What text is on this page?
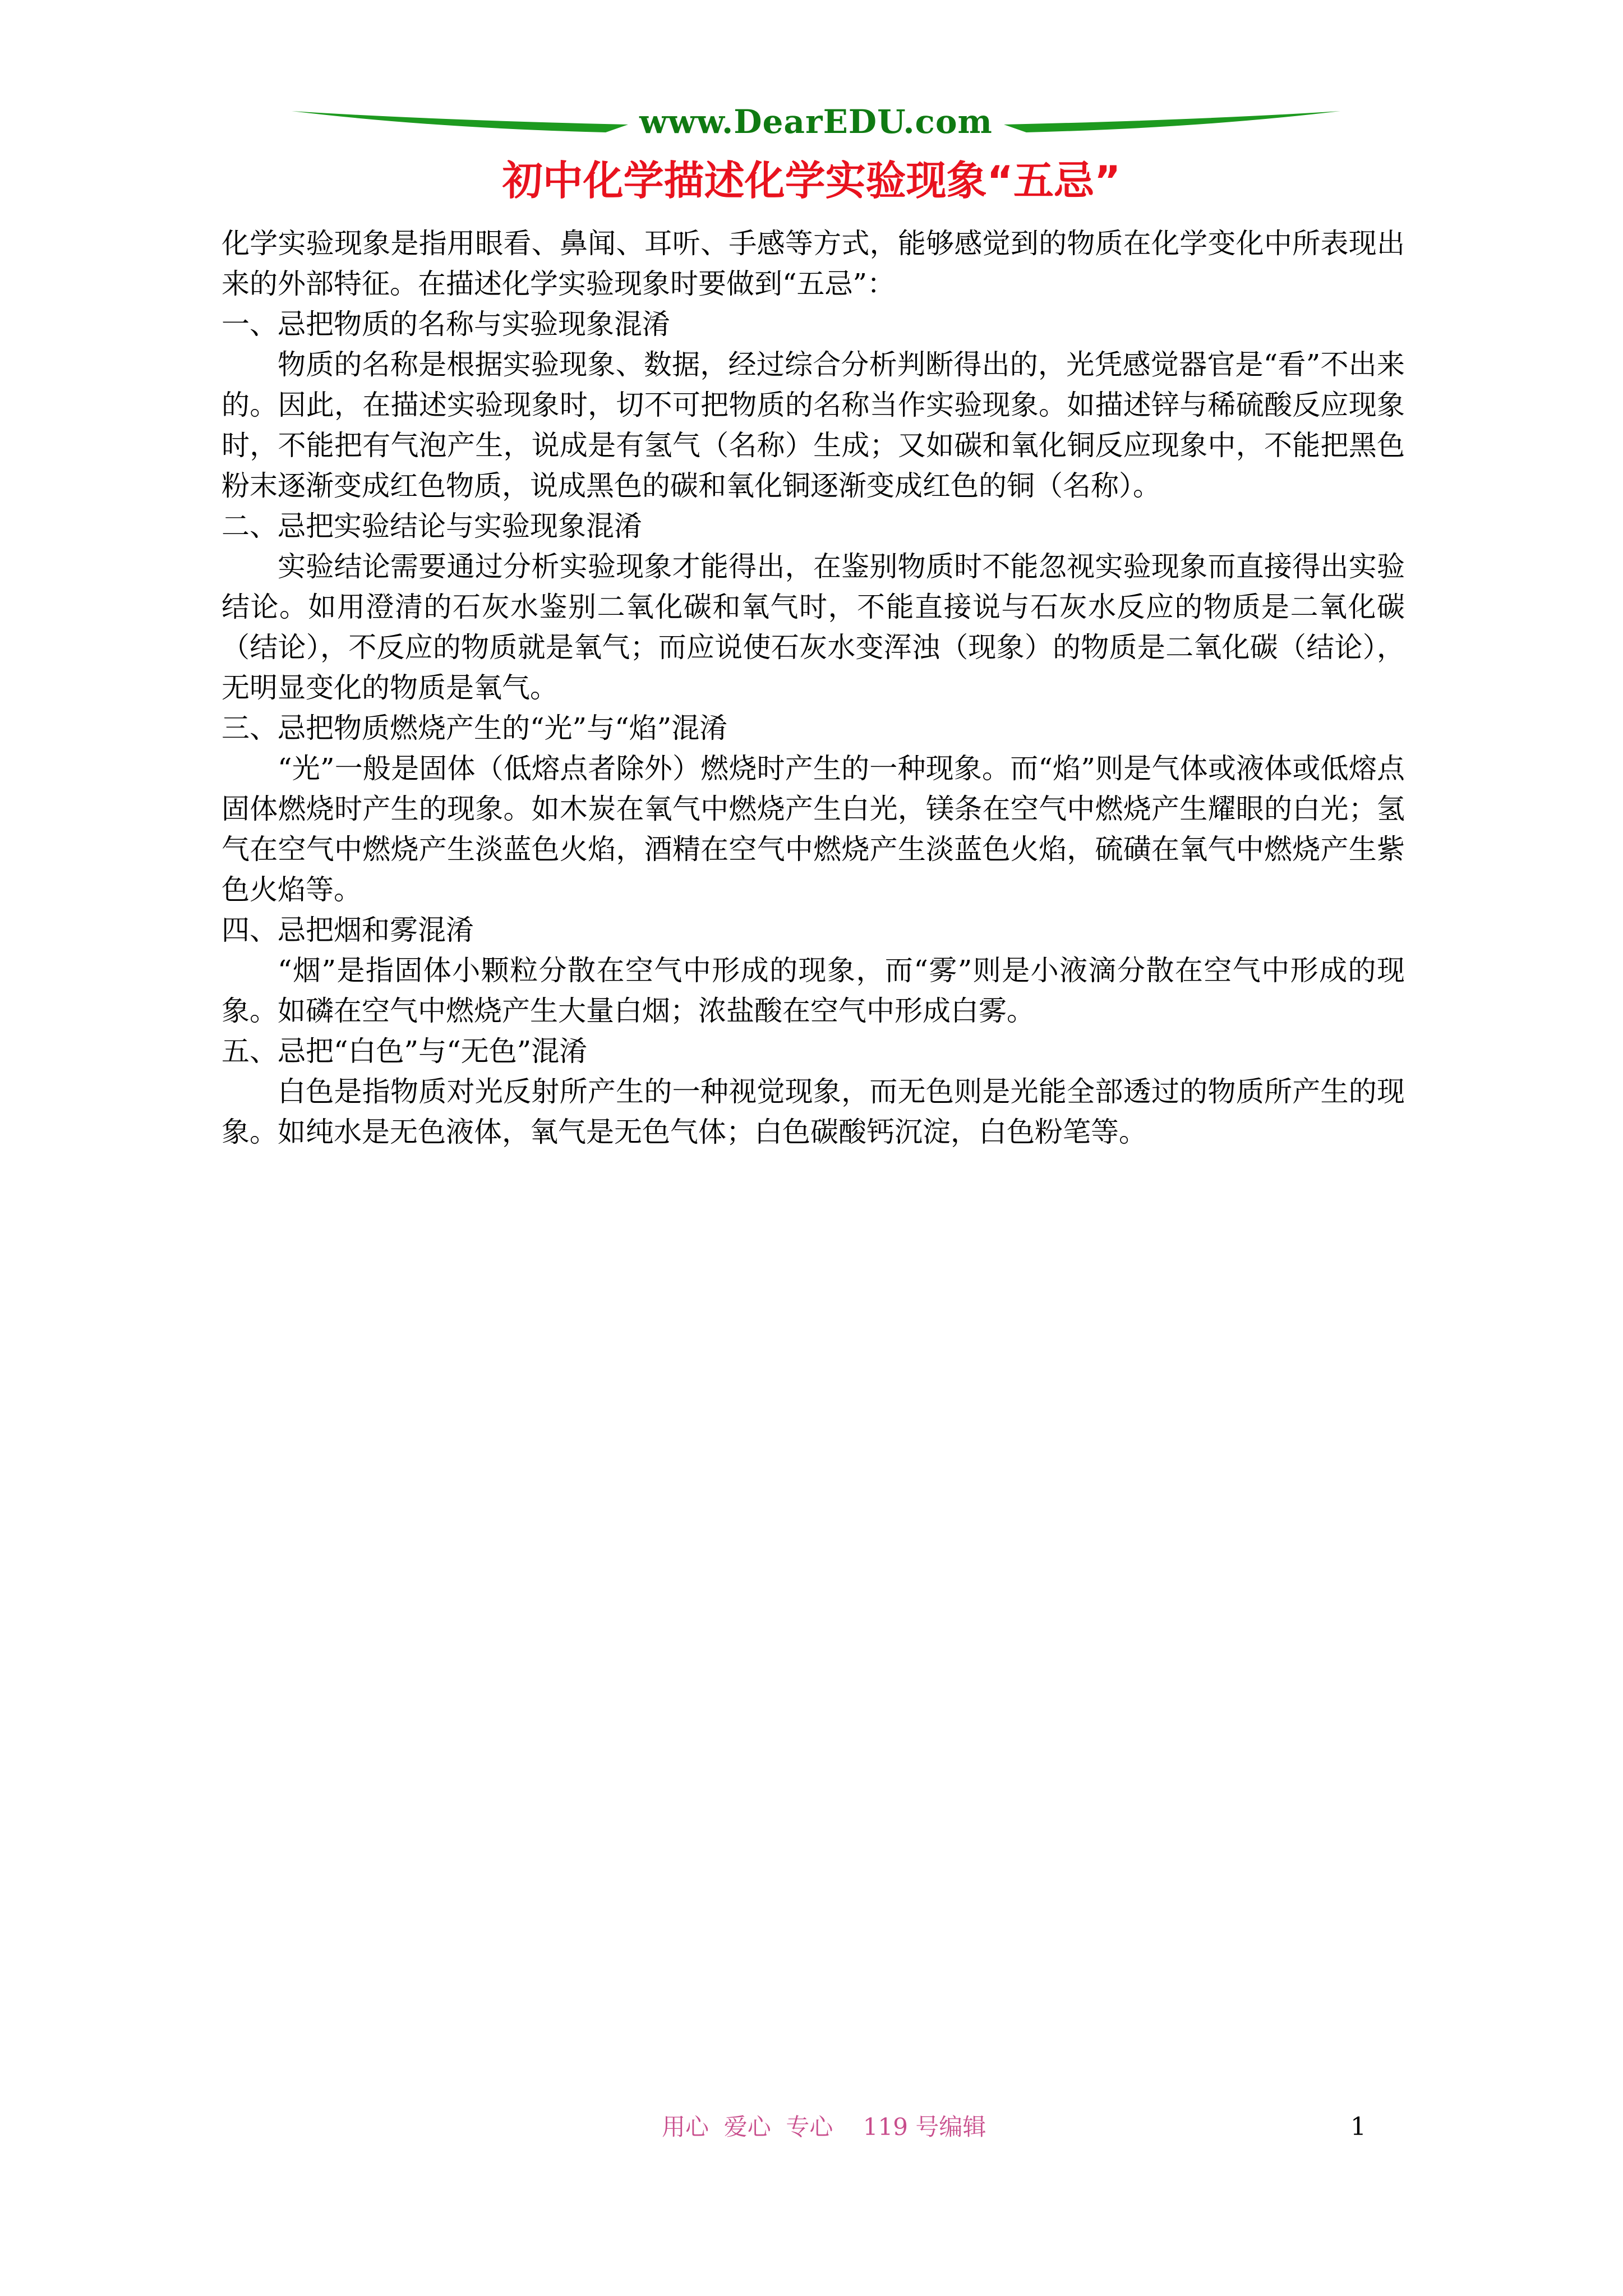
www.DearEDU.com
初中化学描述化学实验现象“五忌”

化学实验现象是指用眼看、鼻闻、耳听、手感等方式，能够感觉到的物质在化学变化中所表现出来的外部特征。在描述化学实验现象时要做到“五忌”：

一、忌把物质的名称与实验现象混淆

物质的名称是根据实验现象、数据，经过综合分析判断得出的，光凭感觉器官是“看”不出来的。因此，在描述实验现象时，切不可把物质的名称当作实验现象。如描述锌与稀硫酸反应现象时，不能把有气泡产生，说成是有氢气（名称）生成；又如碳和氧化铜反应现象中，不能把黑色粉末逐渐变成红色物质，说成黑色的碳和氧化铜逐渐变成红色的铜（名称）。

二、忌把实验结论与实验现象混淆

实验结论需要通过分析实验现象才能得出，在鉴别物质时不能忽视实验现象而直接得出实验结论。如用澄清的石灰水鉴别二氧化碳和氧气时，不能直接说与石灰水反应的物质是二氧化碳（结论），不反应的物质就是氧气；而应说使石灰水变浑浊（现象）的物质是二氧化碳（结论），无明显变化的物质是氧气。

三、忌把物质燃烧产生的“光”与“焰”混淆

“光”一般是固体（低熔点者除外）燃烧时产生的一种现象。而“焰”则是气体或液体或低熔点固体燃烧时产生的现象。如木炭在氧气中燃烧产生白光，镁条在空气中燃烧产生耀眼的白光；氢气在空气中燃烧产生淡蓝色火焰，酒精在空气中燃烧产生淡蓝色火焰，硫磺在氧气中燃烧产生紫色火焰等。

四、忌把烟和雾混淆

“烟”是指固体小颗粒分散在空气中形成的现象，而“雾”则是小液滴分散在空气中形成的现象。如磷在空气中燃烧产生大量白烟；浓盐酸在空气中形成白雾。

五、忌把“白色”与“无色”混淆

白色是指物质对光反射所产生的一种视觉现象，而无色则是光能全部透过的物质所产生的现象。如纯水是无色液体，氧气是无色气体；白色碳酸钙沉淀，白色粉笔等。

用心  爱心  专心    119 号编辑	1
